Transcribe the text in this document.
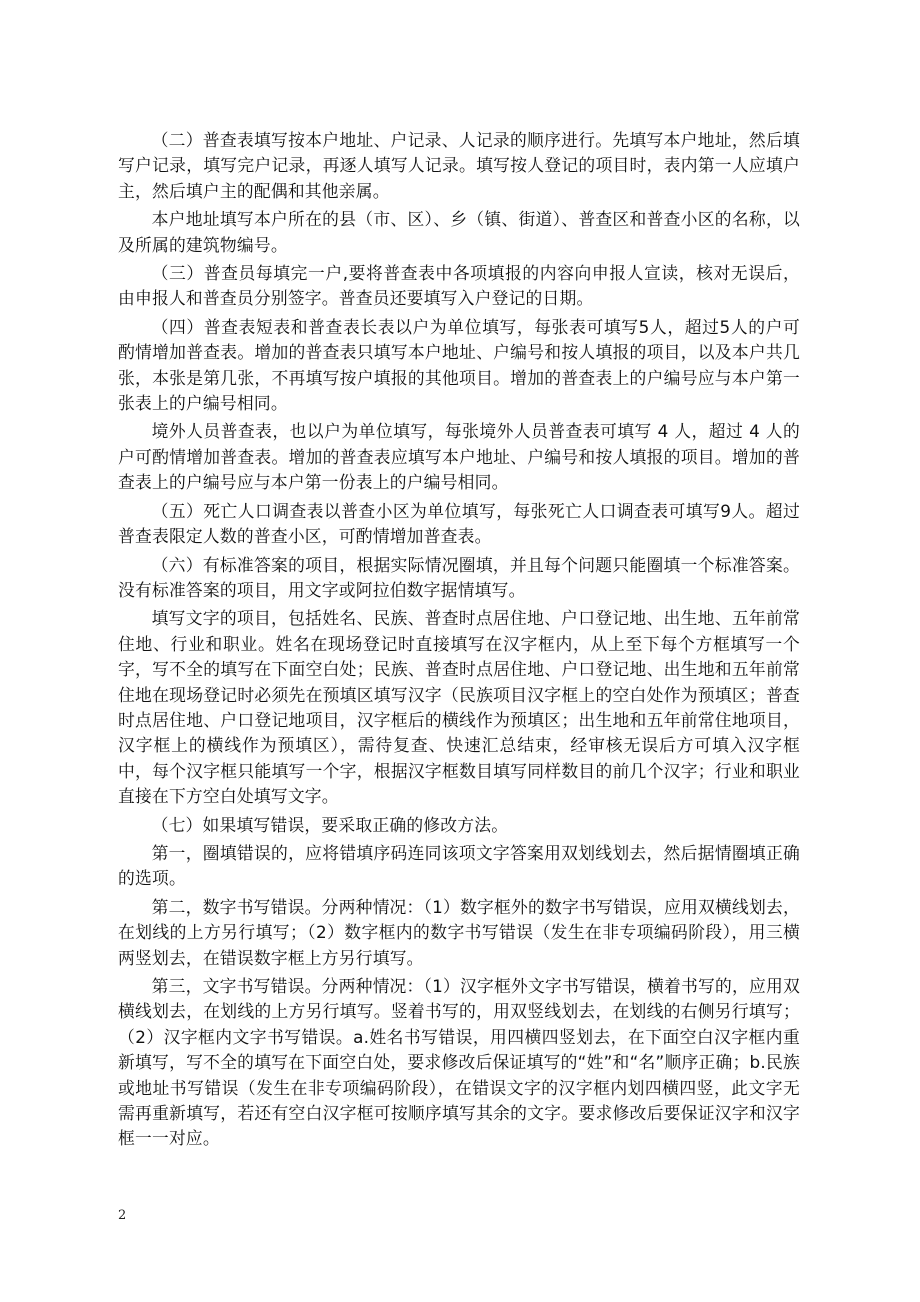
（二）普查表填写按本户地址、户记录、人记录的顺序进行。先填写本户地址，然后填写户记录，填写完户记录，再逐人填写人记录。填写按人登记的项目时，表内第一人应填户主，然后填户主的配偶和其他亲属。

本户地址填写本户所在的县（市、区）、乡（镇、街道）、普查区和普查小区的名称，以及所属的建筑物编号。

（三）普查员每填完一户,要将普查表中各项填报的内容向申报人宣读，核对无误后，由申报人和普查员分别签字。普查员还要填写入户登记的日期。

（四）普查表短表和普查表长表以户为单位填写，每张表可填写5人，超过5人的户可酌情增加普查表。增加的普查表只填写本户地址、户编号和按人填报的项目，以及本户共几张，本张是第几张，不再填写按户填报的其他项目。增加的普查表上的户编号应与本户第一张表上的户编号相同。

境外人员普查表，也以户为单位填写，每张境外人员普查表可填写 4 人，超过 4 人的户可酌情增加普查表。增加的普查表应填写本户地址、户编号和按人填报的项目。增加的普查表上的户编号应与本户第一份表上的户编号相同。

（五）死亡人口调查表以普查小区为单位填写，每张死亡人口调查表可填写9人。超过普查表限定人数的普查小区，可酌情增加普查表。

（六）有标准答案的项目，根据实际情况圈填，并且每个问题只能圈填一个标准答案。没有标准答案的项目，用文字或阿拉伯数字据情填写。

填写文字的项目，包括姓名、民族、普查时点居住地、户口登记地、出生地、五年前常住地、行业和职业。姓名在现场登记时直接填写在汉字框内，从上至下每个方框填写一个字，写不全的填写在下面空白处；民族、普查时点居住地、户口登记地、出生地和五年前常住地在现场登记时必须先在预填区填写汉字（民族项目汉字框上的空白处作为预填区；普查时点居住地、户口登记地项目，汉字框后的横线作为预填区；出生地和五年前常住地项目，汉字框上的横线作为预填区），需待复查、快速汇总结束，经审核无误后方可填入汉字框中，每个汉字框只能填写一个字，根据汉字框数目填写同样数目的前几个汉字；行业和职业直接在下方空白处填写文字。

（七）如果填写错误，要采取正确的修改方法。

第一，圈填错误的，应将错填序码连同该项文字答案用双划线划去，然后据情圈填正确的选项。

第二，数字书写错误。分两种情况：（1）数字框外的数字书写错误，应用双横线划去，在划线的上方另行填写；（2）数字框内的数字书写错误（发生在非专项编码阶段），用三横两竖划去，在错误数字框上方另行填写。

第三，文字书写错误。分两种情况：（1）汉字框外文字书写错误，横着书写的，应用双横线划去，在划线的上方另行填写。竖着书写的，用双竖线划去，在划线的右侧另行填写；（2）汉字框内文字书写错误。a.姓名书写错误，用四横四竖划去，在下面空白汉字框内重新填写，写不全的填写在下面空白处，要求修改后保证填写的“姓”和“名”顺序正确；b.民族或地址书写错误（发生在非专项编码阶段），在错误文字的汉字框内划四横四竖，此文字无需再重新填写，若还有空白汉字框可按顺序填写其余的文字。要求修改后要保证汉字和汉字框一一对应。

2
